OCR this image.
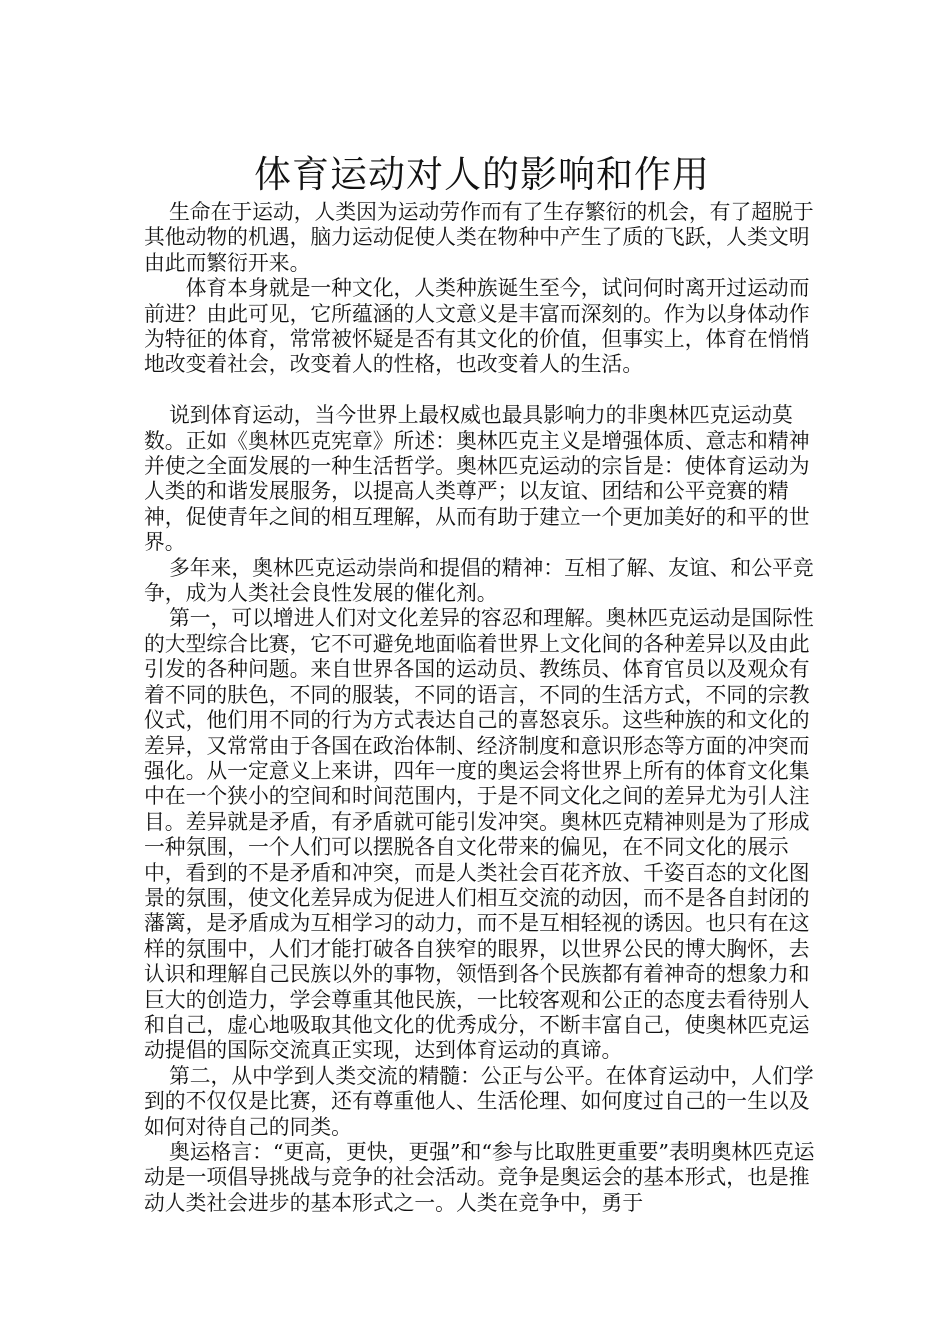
体育运动对人的影响和作用

生命在于运动，人类因为运动劳作而有了生存繁衍的机会，有了超脱于其他动物的机遇，脑力运动促使人类在物种中产生了质的飞跃，人类文明由此而繁衍开来。

体育本身就是一种文化，人类种族诞生至今，试问何时离开过运动而前进？由此可见，它所蕴涵的人文意义是丰富而深刻的。作为以身体动作为特征的体育，常常被怀疑是否有其文化的价值，但事实上，体育在悄悄地改变着社会，改变着人的性格，也改变着人的生活。

说到体育运动，当今世界上最权威也最具影响力的非奥林匹克运动莫数。正如《奥林匹克宪章》所述：奥林匹克主义是增强体质、意志和精神并使之全面发展的一种生活哲学。奥林匹克运动的宗旨是：使体育运动为人类的和谐发展服务，以提高人类尊严；以友谊、团结和公平竞赛的精神，促使青年之间的相互理解，从而有助于建立一个更加美好的和平的世界。

多年来，奥林匹克运动崇尚和提倡的精神：互相了解、友谊、和公平竞争，成为人类社会良性发展的催化剂。

第一，可以增进人们对文化差异的容忍和理解。奥林匹克运动是国际性的大型综合比赛，它不可避免地面临着世界上文化间的各种差异以及由此引发的各种问题。来自世界各国的运动员、教练员、体育官员以及观众有着不同的肤色，不同的服装，不同的语言，不同的生活方式，不同的宗教仪式，他们用不同的行为方式表达自己的喜怒哀乐。这些种族的和文化的差异，又常常由于各国在政治体制、经济制度和意识形态等方面的冲突而强化。从一定意义上来讲，四年一度的奥运会将世界上所有的体育文化集中在一个狭小的空间和时间范围内，于是不同文化之间的差异尤为引人注目。差异就是矛盾，有矛盾就可能引发冲突。奥林匹克精神则是为了形成一种氛围，一个人们可以摆脱各自文化带来的偏见，在不同文化的展示中，看到的不是矛盾和冲突，而是人类社会百花齐放、千姿百态的文化图景的氛围，使文化差异成为促进人们相互交流的动因，而不是各自封闭的藩篱，是矛盾成为互相学习的动力，而不是互相轻视的诱因。也只有在这样的氛围中，人们才能打破各自狭窄的眼界，以世界公民的博大胸怀，去认识和理解自己民族以外的事物，领悟到各个民族都有着神奇的想象力和巨大的创造力，学会尊重其他民族，一比较客观和公正的态度去看待别人和自己，虚心地吸取其他文化的优秀成分，不断丰富自己，使奥林匹克运动提倡的国际交流真正实现，达到体育运动的真谛。

第二，从中学到人类交流的精髓：公正与公平。在体育运动中，人们学到的不仅仅是比赛，还有尊重他人、生活伦理、如何度过自己的一生以及如何对待自己的同类。

奥运格言：“更高，更快，更强”和“参与比取胜更重要”表明奥林匹克运动是一项倡导挑战与竞争的社会活动。竞争是奥运会的基本形式，也是推动人类社会进步的基本形式之一。人类在竞争中，勇于
